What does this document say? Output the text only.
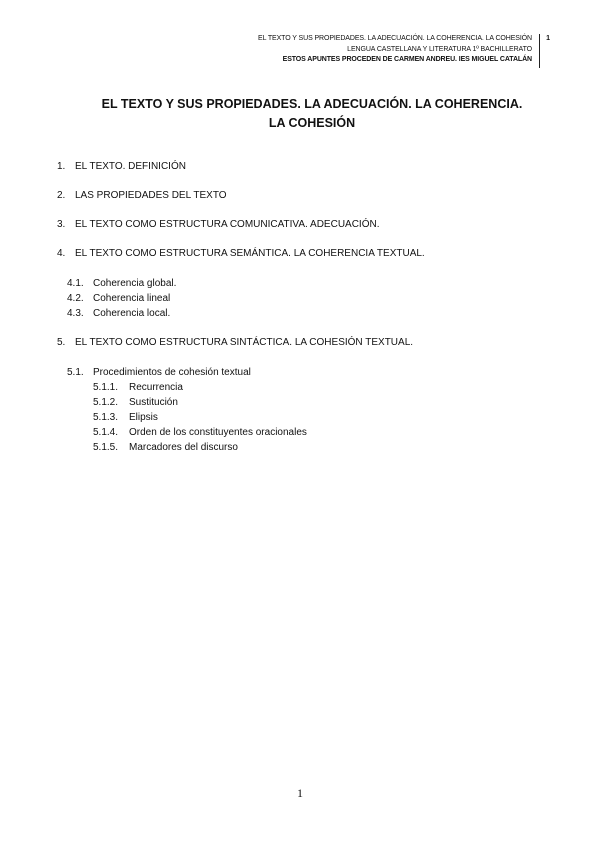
EL TEXTO Y SUS PROPIEDADES. LA ADECUACIÓN. LA COHERENCIA. LA COHESIÓN
LENGUA CASTELLANA Y LITERATURA 1º BACHILLERATO
ESTOS APUNTES PROCEDEN DE CARMEN ANDREU. IES MIGUEL CATALÁN
1
EL TEXTO Y SUS PROPIEDADES. LA ADECUACIÓN. LA COHERENCIA.
LA COHESIÓN
1. EL TEXTO. DEFINICIÓN
2. LAS PROPIEDADES DEL TEXTO
3. EL TEXTO COMO ESTRUCTURA COMUNICATIVA. ADECUACIÓN.
4. EL TEXTO COMO ESTRUCTURA SEMÁNTICA. LA COHERENCIA TEXTUAL.
4.1. Coherencia global.
4.2. Coherencia lineal
4.3. Coherencia local.
5. EL TEXTO COMO ESTRUCTURA SINTÁCTICA. LA COHESIÓN TEXTUAL.
5.1. Procedimientos de cohesión textual
5.1.1. Recurrencia
5.1.2. Sustitución
5.1.3. Elipsis
5.1.4. Orden de los constituyentes oracionales
5.1.5. Marcadores del discurso
1
